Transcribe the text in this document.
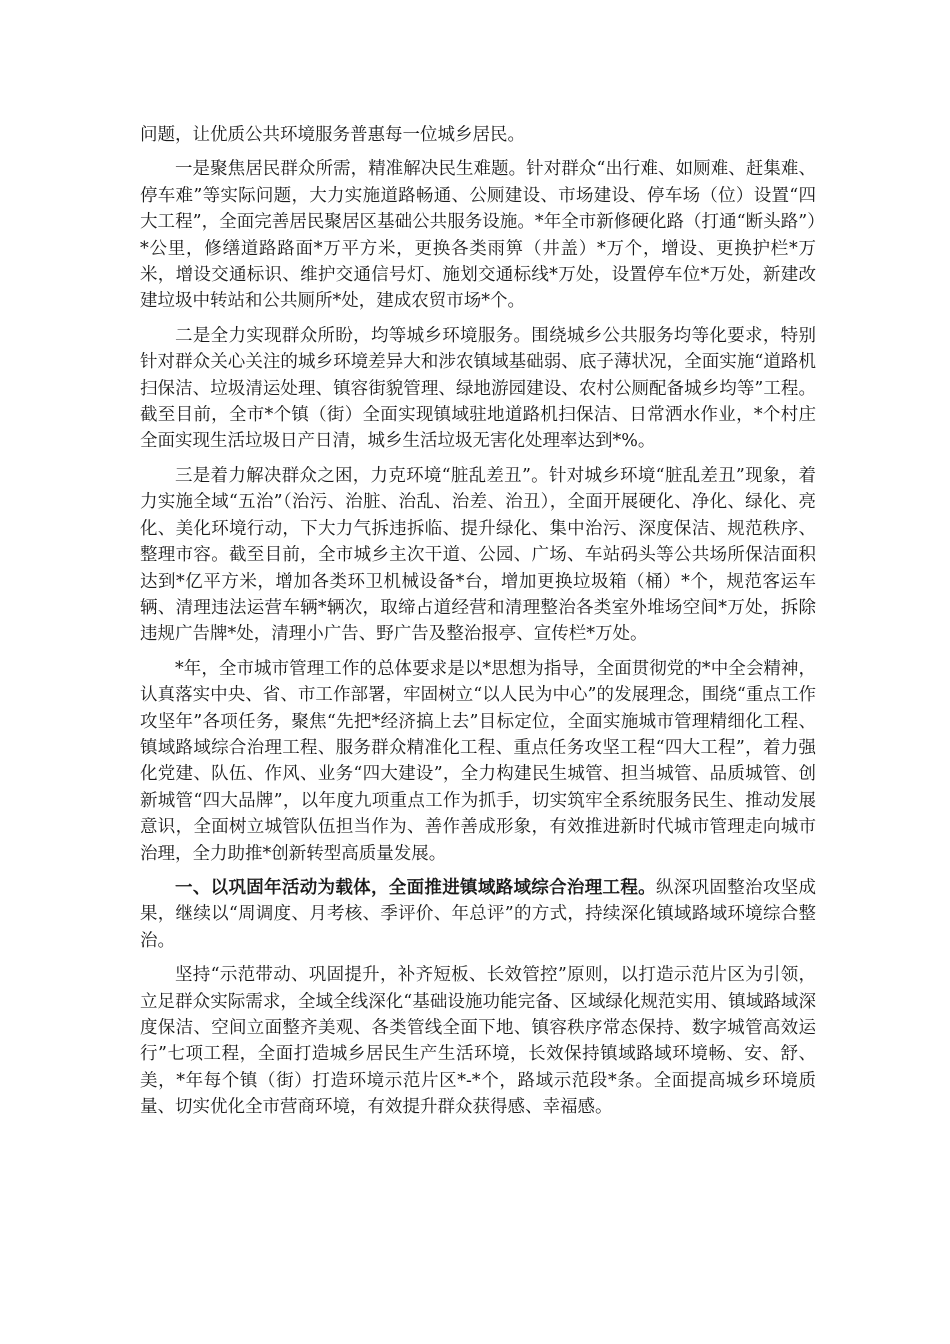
问题，让优质公共环境服务普惠每一位城乡居民。

一是聚焦居民群众所需，精准解决民生难题。针对群众“出行难、如厕难、赶集难、停车难”等实际问题，大力实施道路畅通、公厕建设、市场建设、停车场（位）设置“四大工程”，全面完善居民聚居区基础公共服务设施。*年全市新修硬化路（打通“断头路”）*公里，修缮道路路面*万平方米，更换各类雨箅（井盖）*万个，增设、更换护栏*万米，增设交通标识、维护交通信号灯、施划交通标线*万处，设置停车位*万处，新建改建垃圾中转站和公共厕所*处，建成农贸市场*个。

二是全力实现群众所盼，均等城乡环境服务。围绕城乡公共服务均等化要求，特别针对群众关心关注的城乡环境差异大和涉农镇域基础弱、底子薄状况，全面实施“道路机扫保洁、垃圾清运处理、镇容街貌管理、绿地游园建设、农村公厕配备城乡均等”工程。截至目前，全市*个镇（街）全面实现镇域驻地道路机扫保洁、日常洒水作业，*个村庄全面实现生活垃圾日产日清，城乡生活垃圾无害化处理率达到*%。

三是着力解决群众之困，力克环境“脏乱差丑”。针对城乡环境“脏乱差丑”现象，着力实施全域“五治”（治污、治脏、治乱、治差、治丑），全面开展硬化、净化、绿化、亮化、美化环境行动，下大力气拆违拆临、提升绿化、集中治污、深度保洁、规范秩序、整理市容。截至目前，全市城乡主次干道、公园、广场、车站码头等公共场所保洁面积达到*亿平方米，增加各类环卫机械设备*台，增加更换垃圾箱（桶）*个，规范客运车辆、清理违法运营车辆*辆次，取缔占道经营和清理整治各类室外堆场空间*万处，拆除违规广告牌*处，清理小广告、野广告及整治报亭、宣传栏*万处。

*年，全市城市管理工作的总体要求是以*思想为指导，全面贯彻党的*中全会精神，认真落实中央、省、市工作部署，牢固树立“以人民为中心”的发展理念，围绕“重点工作攻坚年”各项任务，聚焦“先把*经济搞上去”目标定位，全面实施城市管理精细化工程、镇域路域综合治理工程、服务群众精准化工程、重点任务攻坚工程“四大工程”，着力强化党建、队伍、作风、业务“四大建设”，全力构建民生城管、担当城管、品质城管、创新城管“四大品牌”，以年度九项重点工作为抓手，切实筑牢全系统服务民生、推动发展意识，全面树立城管队伍担当作为、善作善成形象，有效推进新时代城市管理走向城市治理，全力助推*创新转型高质量发展。

一、以巩固年活动为载体，全面推进镇域路域综合治理工程。纵深巩固整治攻坚成果，继续以“周调度、月考核、季评价、年总评”的方式，持续深化镇域路域环境综合整治。

坚持“示范带动、巩固提升，补齐短板、长效管控”原则，以打造示范片区为引领，立足群众实际需求，全域全线深化“基础设施功能完备、区域绿化规范实用、镇域路域深度保洁、空间立面整齐美观、各类管线全面下地、镇容秩序常态保持、数字城管高效运行”七项工程，全面打造城乡居民生产生活环境，长效保持镇域路域环境畅、安、舒、美，*年每个镇（街）打造环境示范片区*-*个，路域示范段*条。全面提高城乡环境质量、切实优化全市营商环境，有效提升群众获得感、幸福感。
